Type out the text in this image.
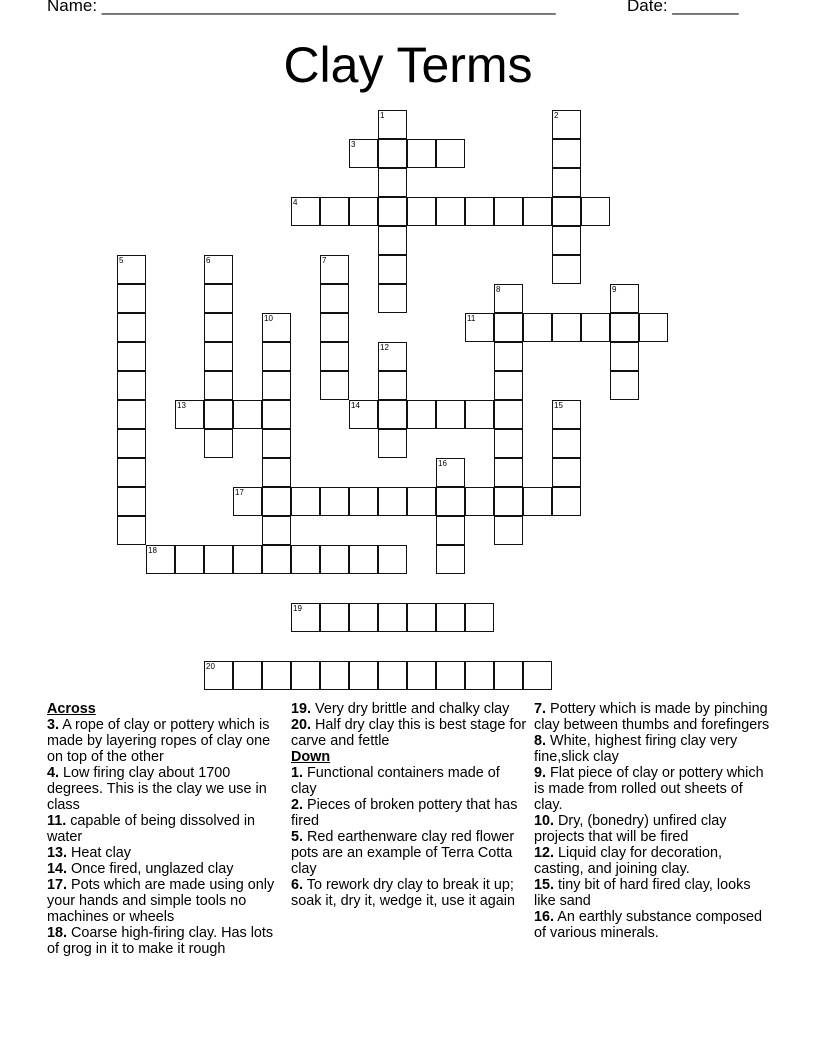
Name: ________________________________________________	Date: _______
Clay Terms
1	2
3
4
5	6	7
8	9
10	11
12
13	14	15
16
17
18
19
20
Across
3. A rope of clay or pottery which is made by layering ropes of clay one on top of the other
4. Low firing clay about 1700 degrees. This is the clay we use in class
11. capable of being dissolved in water
13. Heat clay
14. Once fired, unglazed clay
17. Pots which are made using only your hands and simple tools no machines or wheels
18. Coarse high-firing clay. Has lots of grog in it to make it rough
19. Very dry brittle and chalky clay
20. Half dry clay this is best stage for carve and fettle
Down
1. Functional containers made of clay
2. Pieces of broken pottery that has fired
5. Red earthenware clay red flower pots are an example of Terra Cotta clay
6. To rework dry clay to break it up; soak it, dry it, wedge it, use it again
7. Pottery which is made by pinching clay between thumbs and forefingers
8. White, highest firing clay very fine,slick clay
9. Flat piece of clay or pottery which is made from rolled out sheets of clay.
10. Dry, (bonedry) unfired clay projects that will be fired
12. Liquid clay for decoration, casting, and joining clay.
15. tiny bit of hard fired clay, looks like sand
16. An earthly substance composed of various minerals.
